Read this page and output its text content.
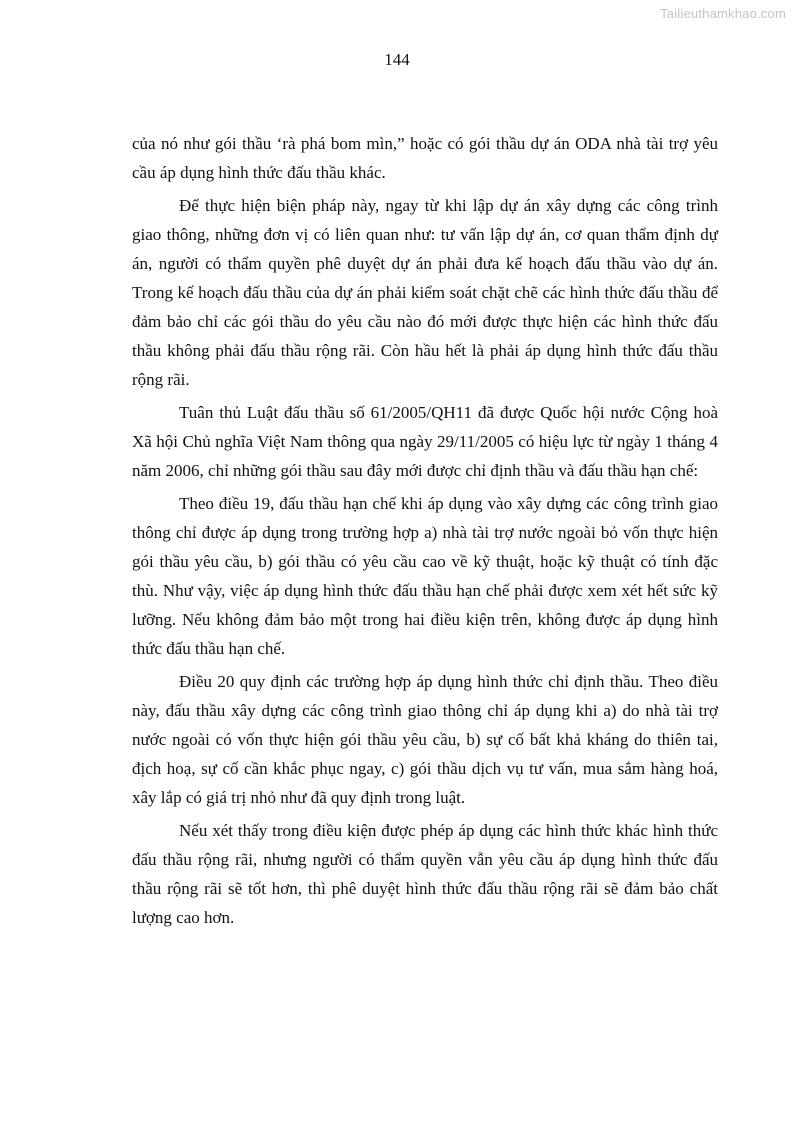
Tailieuthamkhao.com
144

của nó như gói thầu ‘rà phá bom mìn,” hoặc có gói thầu dự án ODA nhà tài trợ yêu cầu áp dụng hình thức đấu thầu khác.

Để thực hiện biện pháp này, ngay từ khi lập dự án xây dựng các công trình giao thông, những đơn vị có liên quan như: tư vấn lập dự án, cơ quan thẩm định dự án, người có thẩm quyền phê duyệt dự án phải đưa kế hoạch đấu thầu vào dự án. Trong kế hoạch đấu thầu của dự án phải kiểm soát chặt chẽ các hình thức đấu thầu để đảm bảo chỉ các gói thầu do yêu cầu nào đó mới được thực hiện các hình thức đấu thầu không phải đấu thầu rộng rãi. Còn hầu hết là phải áp dụng hình thức đấu thầu rộng rãi.

Tuân thủ Luật đấu thầu số 61/2005/QH11 đã được Quốc hội nước Cộng hoà Xã hội Chủ nghĩa Việt Nam thông qua ngày 29/11/2005 có hiệu lực từ ngày 1 tháng 4 năm 2006, chỉ những gói thầu sau đây mới được chỉ định thầu và đấu thầu hạn chế:

Theo điều 19, đấu thầu hạn chế khi áp dụng vào xây dựng các công trình giao thông chỉ được áp dụng trong trường hợp a) nhà tài trợ nước ngoài bỏ vốn thực hiện gói thầu yêu cầu, b) gói thầu có yêu cầu cao về kỹ thuật, hoặc kỹ thuật có tính đặc thù. Như vậy, việc áp dụng hình thức đấu thầu hạn chế phải được xem xét hết sức kỹ lưỡng. Nếu không đảm bảo một trong hai điều kiện trên, không được áp dụng hình thức đấu thầu hạn chế.

Điều 20 quy định các trường hợp áp dụng hình thức chỉ định thầu. Theo điều này, đấu thầu xây dựng các công trình giao thông chỉ áp dụng khi a) do nhà tài trợ nước ngoài có vốn thực hiện gói thầu yêu cầu, b) sự cố bất khả kháng do thiên tai, địch hoạ, sự cố cần khắc phục ngay, c) gói thầu dịch vụ tư vấn, mua sắm hàng hoá, xây lắp có giá trị nhỏ như đã quy định trong luật.

Nếu xét thấy trong điều kiện được phép áp dụng các hình thức khác hình thức đấu thầu rộng rãi, nhưng người có thẩm quyền vẫn yêu cầu áp dụng hình thức đấu thầu rộng rãi sẽ tốt hơn, thì phê duyệt hình thức đấu thầu rộng rãi sẽ đảm bảo chất lượng cao hơn.
